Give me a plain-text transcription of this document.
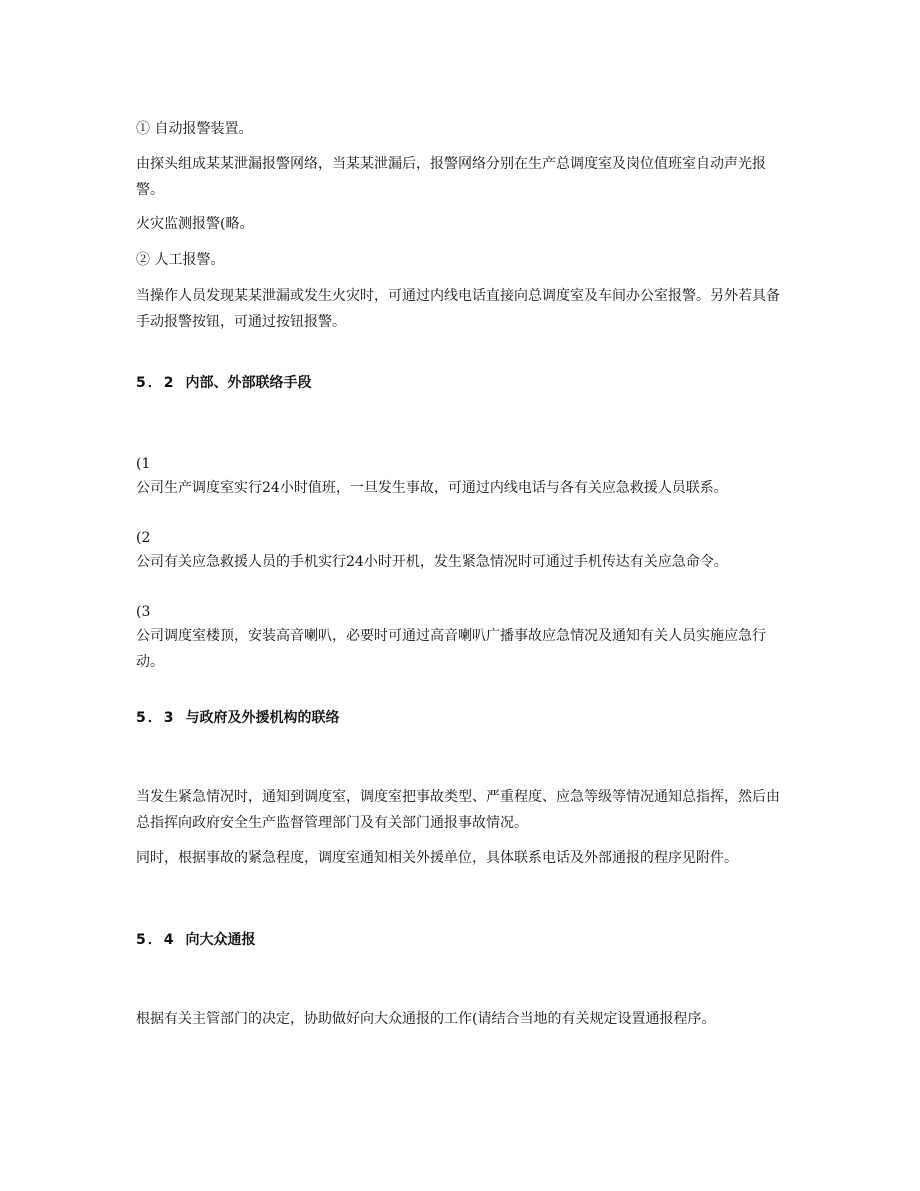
① 自动报警装置。

由探头组成某某泄漏报警网络，当某某泄漏后，报警网络分别在生产总调度室及岗位值班室自动声光报警。

火灾监测报警(略。

② 人工报警。

当操作人员发现某某泄漏或发生火灾时，可通过内线电话直接向总调度室及车间办公室报警。另外若具备手动报警按钮，可通过按钮报警。

5．2 内部、外部联络手段
(1
公司生产调度室实行24小时值班，一旦发生事故，可通过内线电话与各有关应急救援人员联系。
(2
公司有关应急救援人员的手机实行24小时开机，发生紧急情况时可通过手机传达有关应急命令。
(3
公司调度室楼顶，安装高音喇叭，必要时可通过高音喇叭广播事故应急情况及通知有关人员实施应急行动。
5．3 与政府及外援机构的联络

当发生紧急情况时，通知到调度室，调度室把事故类型、严重程度、应急等级等情况通知总指挥，然后由总指挥向政府安全生产监督管理部门及有关部门通报事故情况。

同时，根据事故的紧急程度，调度室通知相关外援单位，具体联系电话及外部通报的程序见附件。

5．4 向大众通报

根据有关主管部门的决定，协助做好向大众通报的工作(请结合当地的有关规定设置通报程序。
